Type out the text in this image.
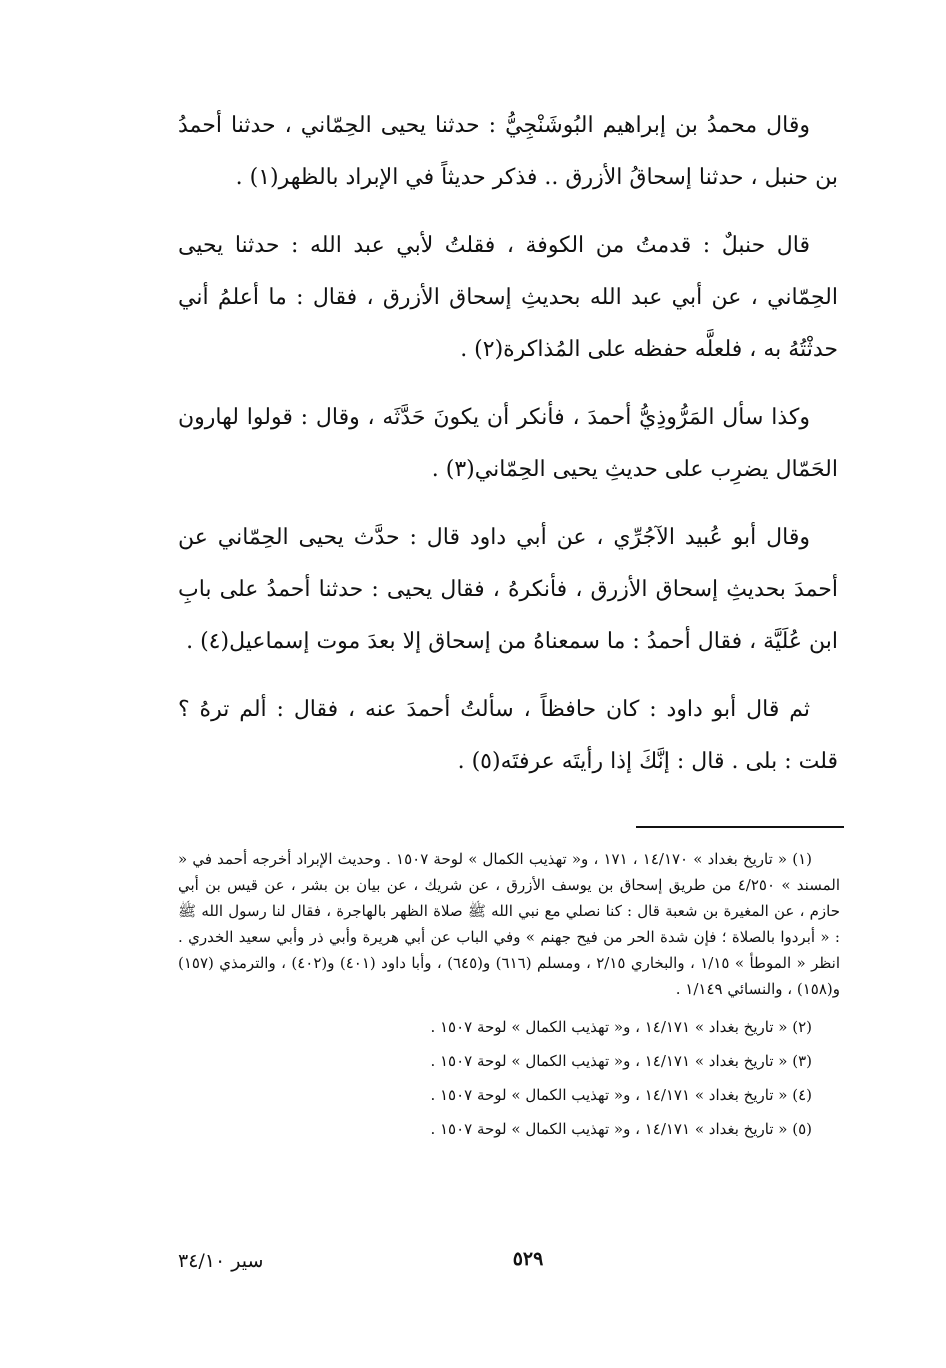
وقال محمدُ بن إبراهيم البُوشَنْجِيُّ : حدثنا يحيى الحِمّاني ، حدثنا أحمدُ بن حنبل ، حدثنا إسحاقُ الأزرق .. فذكر حديثاً في الإبراد بالظهر(١) .

قال حنبلٌ : قدمتُ من الكوفة ، فقلتُ لأبي عبد الله : حدثنا يحيى الحِمّاني ، عن أبي عبد الله بحديثِ إسحاق الأزرق ، فقال : ما أعلمُ أني حدثْتُهُ به ، فلعلَّه حفظه على المُذاكرة(٢) .

وكذا سأل المَرُّوذِيُّ أحمدَ ، فأنكر أن يكونَ حَدَّثَه ، وقال : قولوا لهارون الحَمّال يضرِب على حديثِ يحيى الحِمّاني(٣) .

وقال أبو عُبيد الآجُرِّي ، عن أبي داود قال : حدَّث يحيى الحِمّاني عن أحمدَ بحديثِ إسحاق الأزرق ، فأنكرهُ ، فقال يحيى : حدثنا أحمدُ على بابِ ابن عُلَيَّة ، فقال أحمدُ : ما سمعناهُ من إسحاق إلا بعدَ موت إسماعيل(٤) .

ثم قال أبو داود : كان حافظاً ، سألتُ أحمدَ عنه ، فقال : ألم ترهُ ؟ قلت : بلى . قال : إنَّكَ إذا رأيتَه عرفتَه(٥) .

(١) « تاريخ بغداد » ١٤/١٧٠ ، ١٧١ ، و« تهذيب الكمال » لوحة ١٥٠٧ . وحديث الإبراد أخرجه أحمد في « المسند » ٤/٢٥٠ من طريق إسحاق بن يوسف الأزرق ، عن شريك ، عن بيان بن بشر ، عن قيس بن أبي حازم ، عن المغيرة بن شعبة قال : كنا نصلي مع نبي الله ﷺ صلاة الظهر بالهاجرة ، فقال لنا رسول الله ﷺ : « أبردوا بالصلاة ؛ فإن شدة الحر من فيح جهنم » وفي الباب عن أبي هريرة وأبي ذر وأبي سعيد الخدري . انظر « الموطأ » ١/١٥ ، والبخاري ٢/١٥ ، ومسلم (٦١٦) و(٦٤٥) ، وأبا داود (٤٠١) و(٤٠٢) ، والترمذي (١٥٧) و(١٥٨) ، والنسائي ١/١٤٩ .

(٢) « تاريخ بغداد » ١٤/١٧١ ، و« تهذيب الكمال » لوحة ١٥٠٧ .

(٣) « تاريخ بغداد » ١٤/١٧١ ، و« تهذيب الكمال » لوحة ١٥٠٧ .

(٤) « تاريخ بغداد » ١٤/١٧١ ، و« تهذيب الكمال » لوحة ١٥٠٧ .

(٥) « تاريخ بغداد » ١٤/١٧١ ، و« تهذيب الكمال » لوحة ١٥٠٧ .

٥٢٩
سير ٣٤/١٠
